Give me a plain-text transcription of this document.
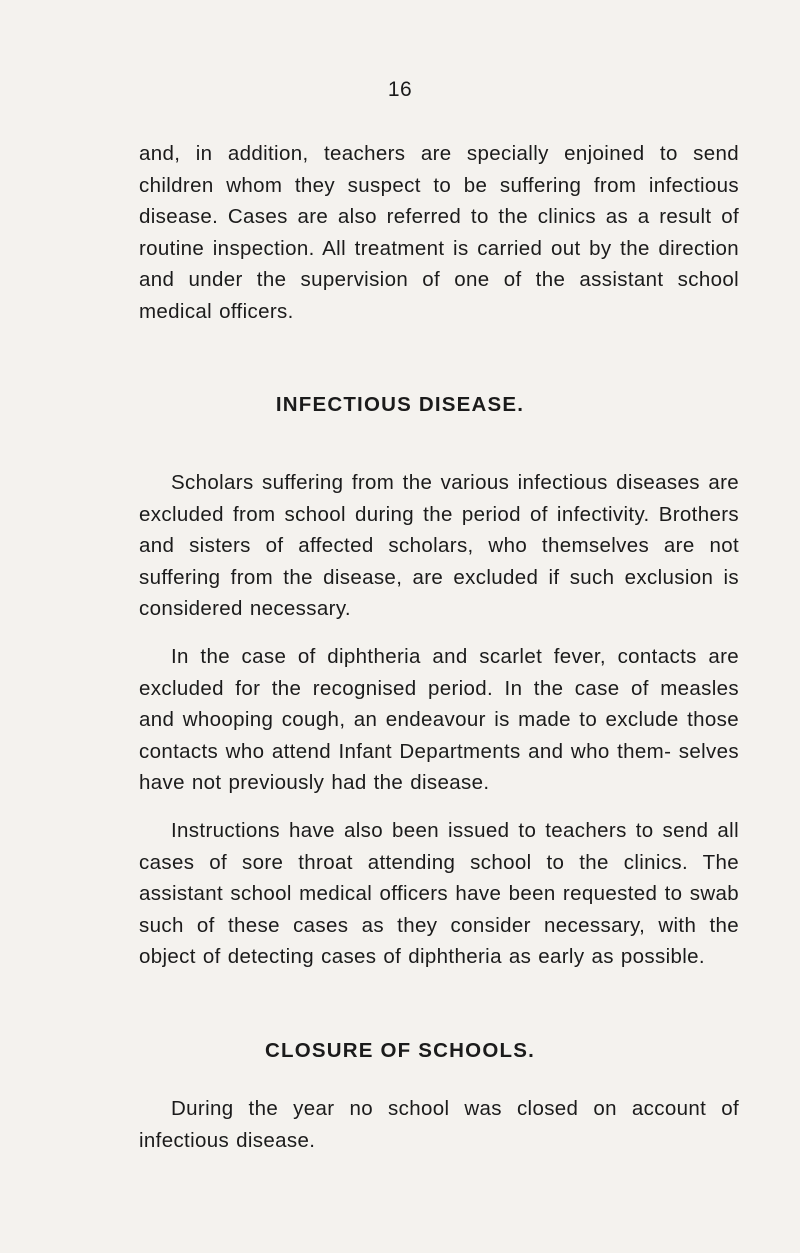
16

and, in addition, teachers are specially enjoined to send children whom they suspect to be suffering from infectious disease. Cases are also referred to the clinics as a result of routine inspection. All treatment is carried out by the direction and under the supervision of one of the assistant school medical officers.

INFECTIOUS DISEASE.

Scholars suffering from the various infectious diseases are excluded from school during the period of infectivity. Brothers and sisters of affected scholars, who themselves are not suffering from the disease, are excluded if such exclusion is considered necessary.

In the case of diphtheria and scarlet fever, contacts are excluded for the recognised period. In the case of measles and whooping cough, an endeavour is made to exclude those contacts who attend Infant Departments and who them- selves have not previously had the disease.

Instructions have also been issued to teachers to send all cases of sore throat attending school to the clinics. The assistant school medical officers have been requested to swab such of these cases as they consider necessary, with the object of detecting cases of diphtheria as early as possible.

CLOSURE OF SCHOOLS.

During the year no school was closed on account of infectious disease.
